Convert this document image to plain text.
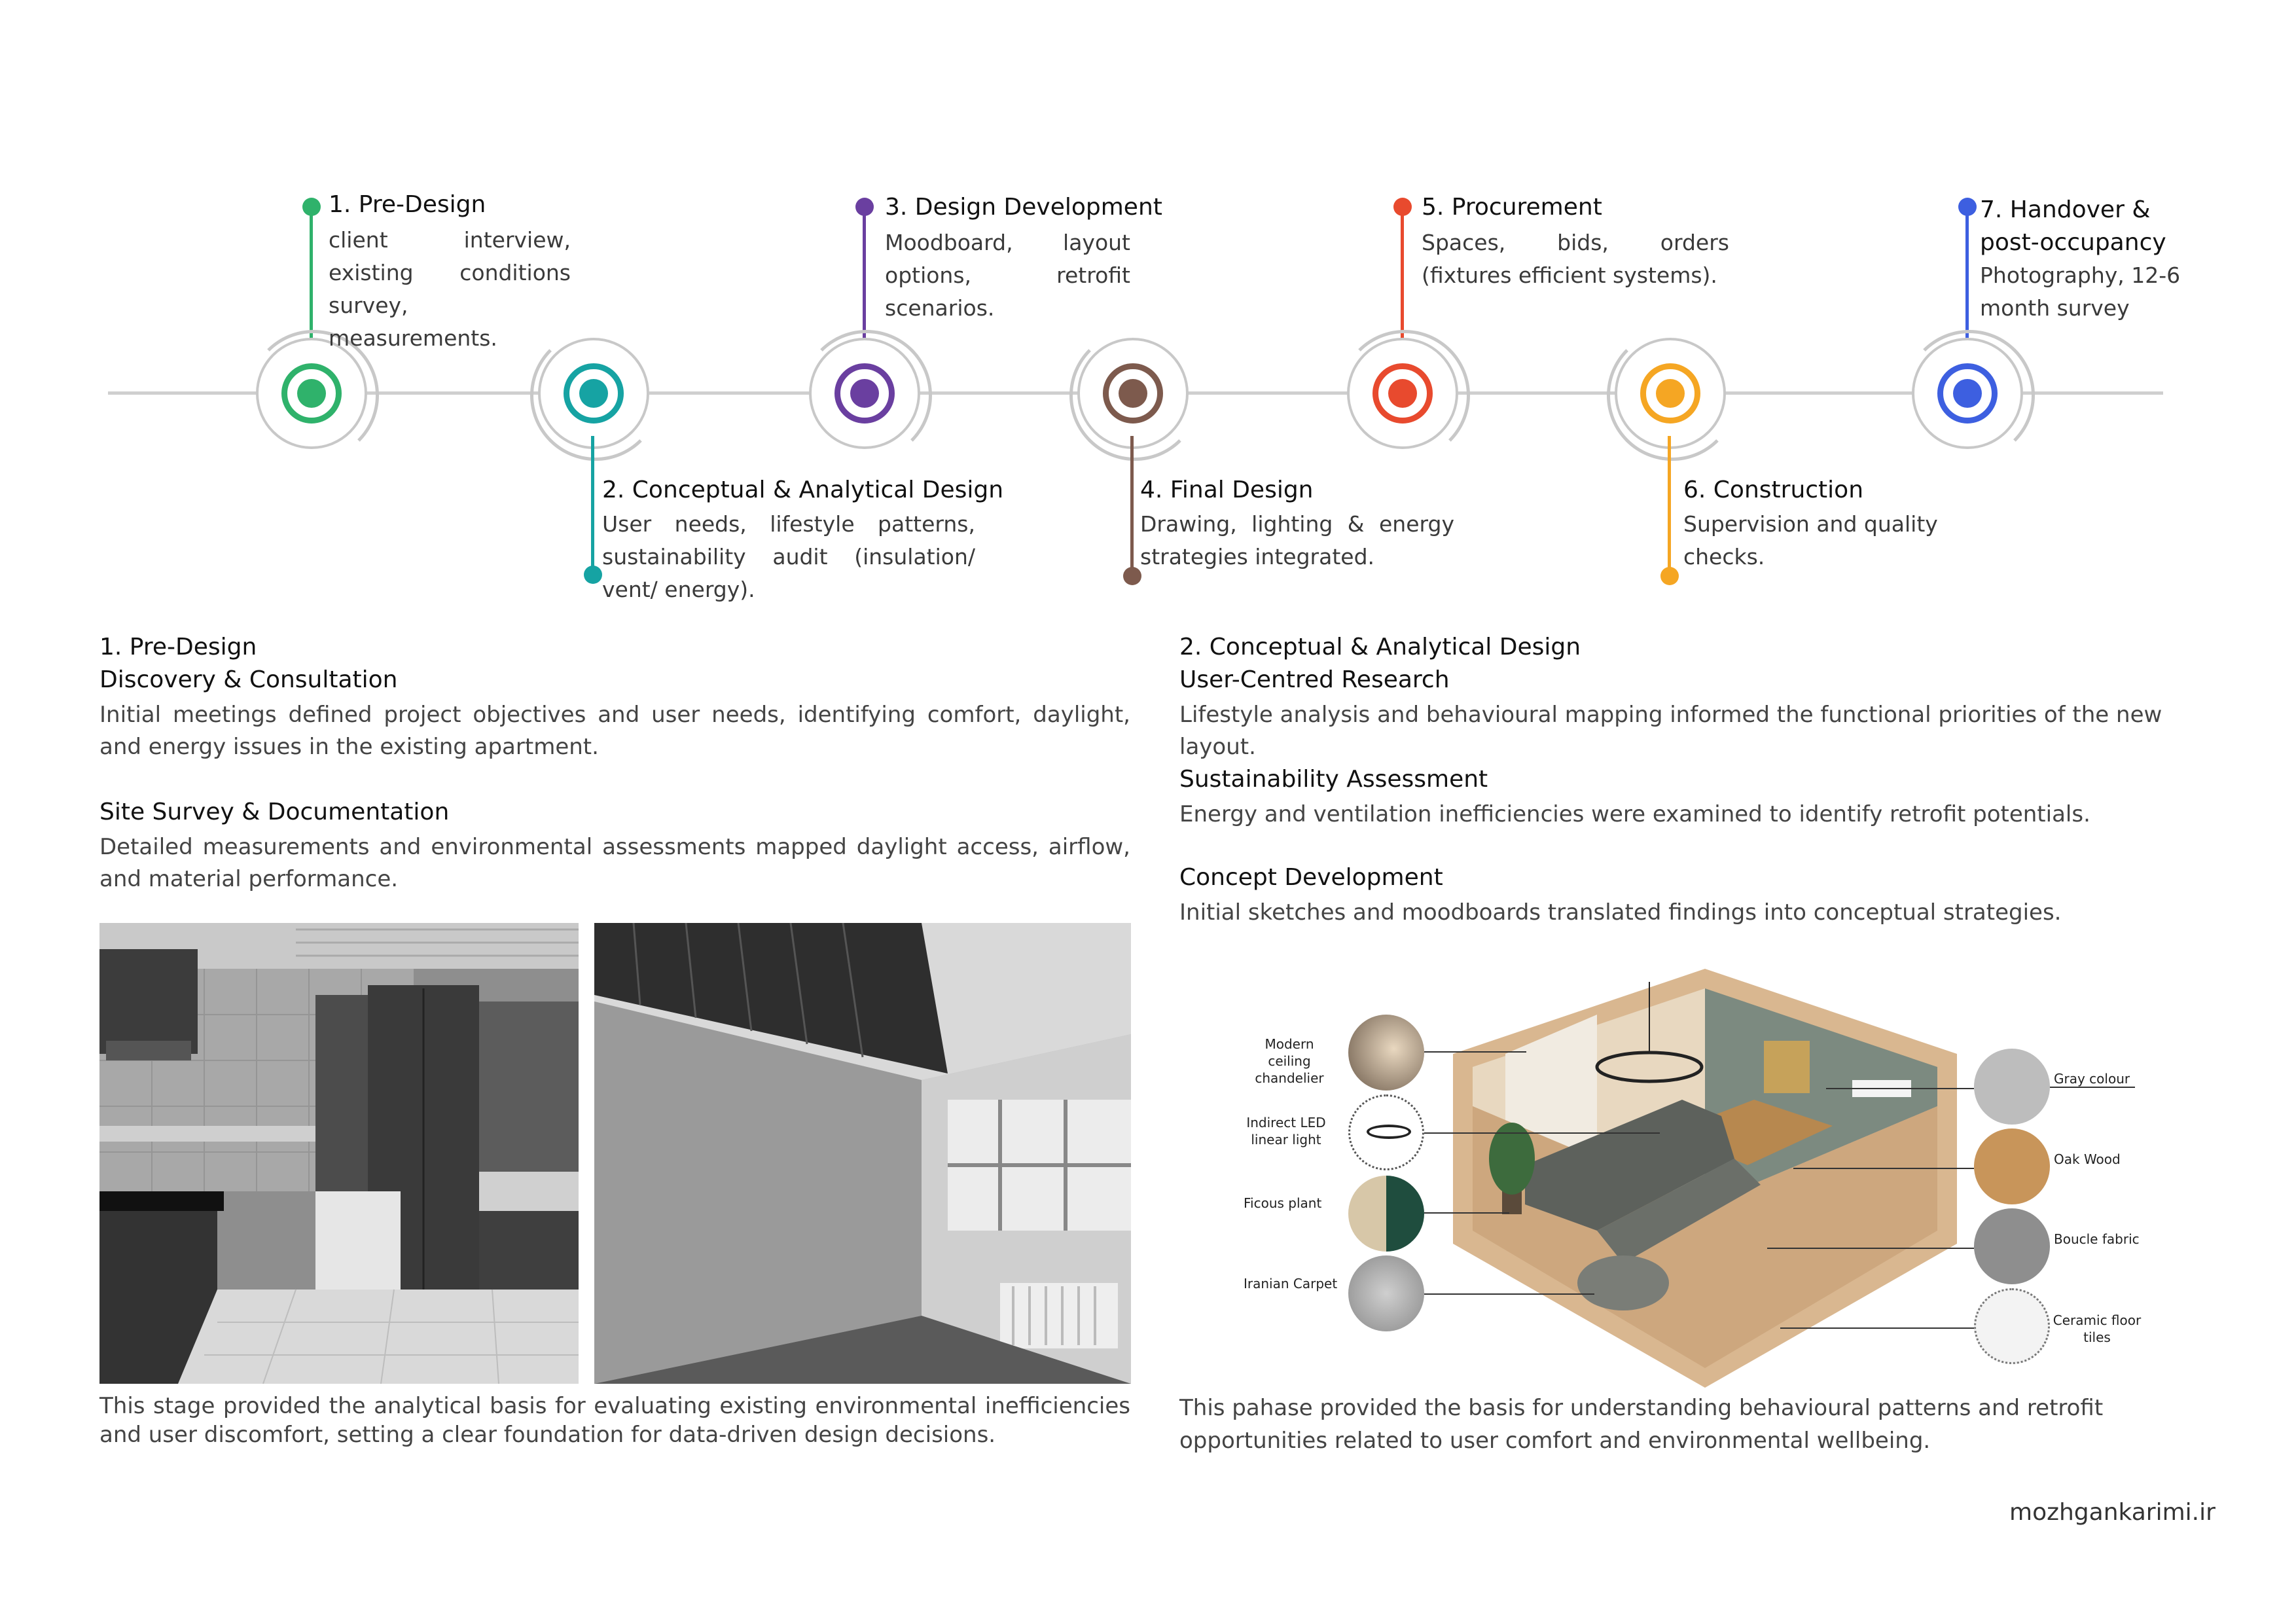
1. Pre-Design
client interview, existing conditions survey, measurements.
2. Conceptual & Analytical Design
User needs, lifestyle patterns, sustainability audit (insulation/ vent/ energy).
3. Design Development
Moodboard, layout options, retrofit scenarios.
4. Final Design
Drawing, lighting & energy strategies integrated.
5. Procurement
Spaces, bids, orders (fixtures efficient systems).
6. Construction
Supervision and quality checks.
7. Handover & post-occupancy
Photography, 12-6 month survey
1. Pre-Design
Discovery & Consultation
Initial meetings defined project objectives and user needs, identifying comfort, daylight, and energy issues in the existing apartment.
Site Survey & Documentation
Detailed measurements and environmental assessments mapped daylight access, airflow, and material performance.
This stage provided the analytical basis for evaluating existing environmental inefficiencies and user discomfort, setting a clear foundation for data-driven design decisions.
2. Conceptual & Analytical Design
User-Centred Research
Lifestyle analysis and behavioural mapping informed the functional priorities of the new layout.
Sustainability Assessment
Energy and ventilation inefficiencies were examined to identify retrofit potentials.
Concept Development
Initial sketches and moodboards translated findings into conceptual strategies.
Modern ceiling chandelier
Indirect LED linear light
Ficous plant
Iranian Carpet
Gray colour
Oak Wood
Boucle fabric
Ceramic floor tiles
This pahase provided the basis for understanding behavioural patterns and retrofit opportunities related to user comfort and environmental wellbeing.
mozhgankarimi.ir
